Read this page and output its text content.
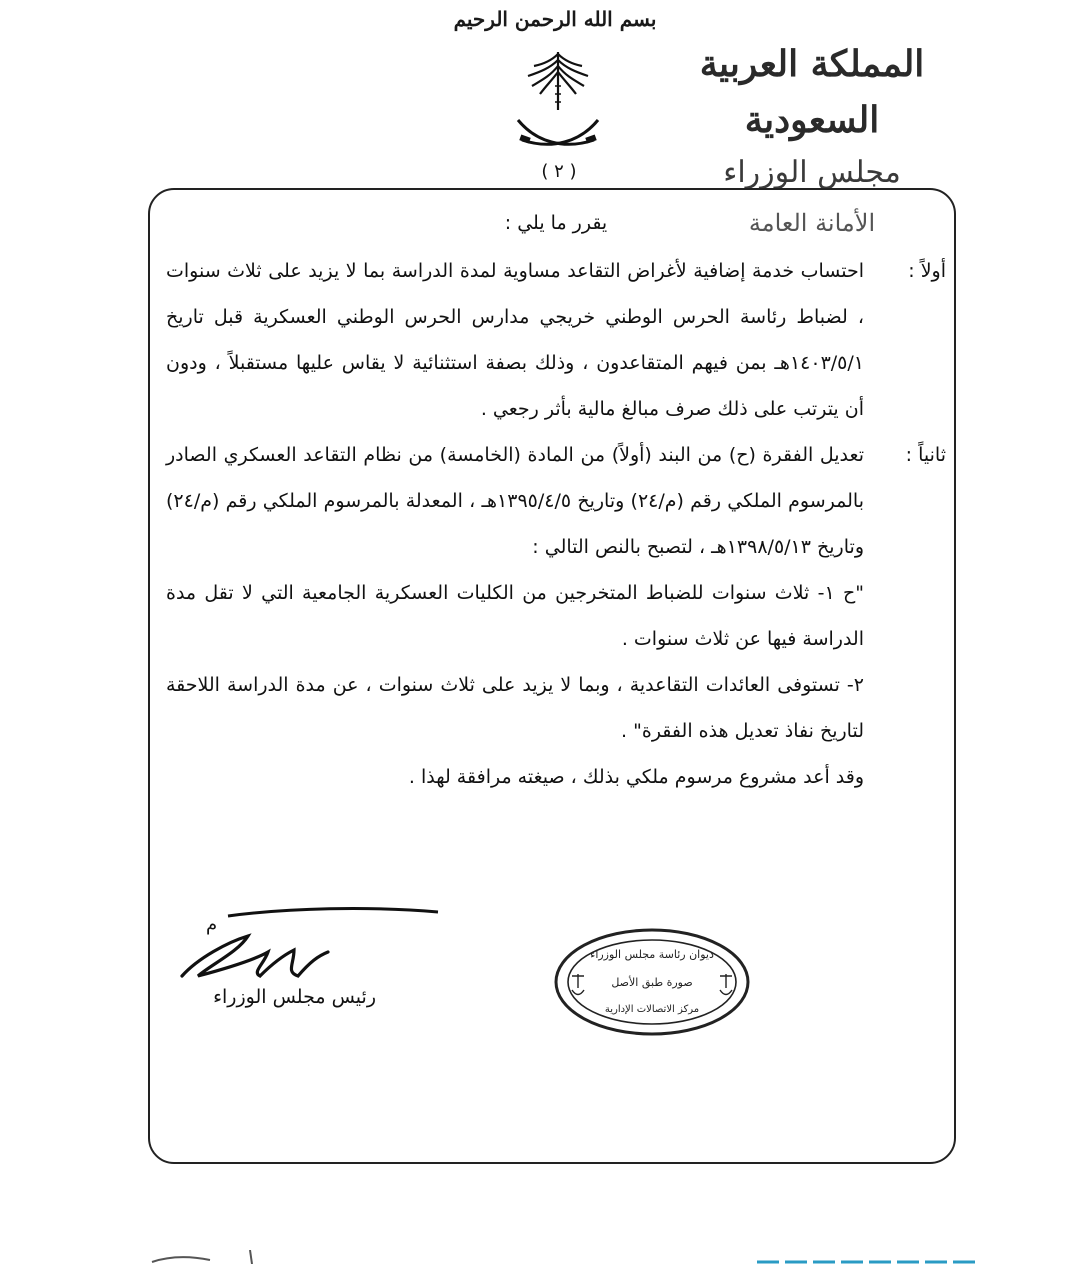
بسم الله الرحمن الرحيم
( ٢ )
المملكة العربية السعودية
مجلس الوزراء
الأمانة العامة
يقرر ما يلي :
أولاً :
احتساب خدمة إضافية لأغراض التقاعد مساوية لمدة الدراسة بما لا يزيد على ثلاث سنوات ، لضباط رئاسة الحرس الوطني خريجي مدارس الحرس الوطني العسكرية قبل تاريخ ١٤٠٣/٥/١هـ بمن فيهم المتقاعدون ، وذلك بصفة استثنائية لا يقاس عليها مستقبلاً ، ودون أن يترتب على ذلك صرف مبالغ مالية بأثر رجعي .
ثانياً :
تعديل الفقرة (ح) من البند (أولاً) من المادة (الخامسة) من نظام التقاعد العسكري الصادر بالمرسوم الملكي رقم (م/٢٤) وتاريخ ١٣٩٥/٤/٥هـ ، المعدلة بالمرسوم الملكي رقم (م/٢٤) وتاريخ ١٣٩٨/٥/١٣هـ ، لتصبح بالنص التالي :
"ح ١- ثلاث سنوات للضباط المتخرجين من الكليات العسكرية الجامعية التي لا تقل مدة الدراسة فيها عن ثلاث سنوات .
٢- تستوفى العائدات التقاعدية ، وبما لا يزيد على ثلاث سنوات ، عن مدة الدراسة اللاحقة لتاريخ نفاذ تعديل هذه الفقرة" .
وقد أعد مشروع مرسوم ملكي بذلك ، صيغته مرافقة لهذا .
م
رئيس مجلس الوزراء
ديوان رئاسة مجلس الوزراء
صورة طبق الأصل
مركز الاتصالات الإدارية
